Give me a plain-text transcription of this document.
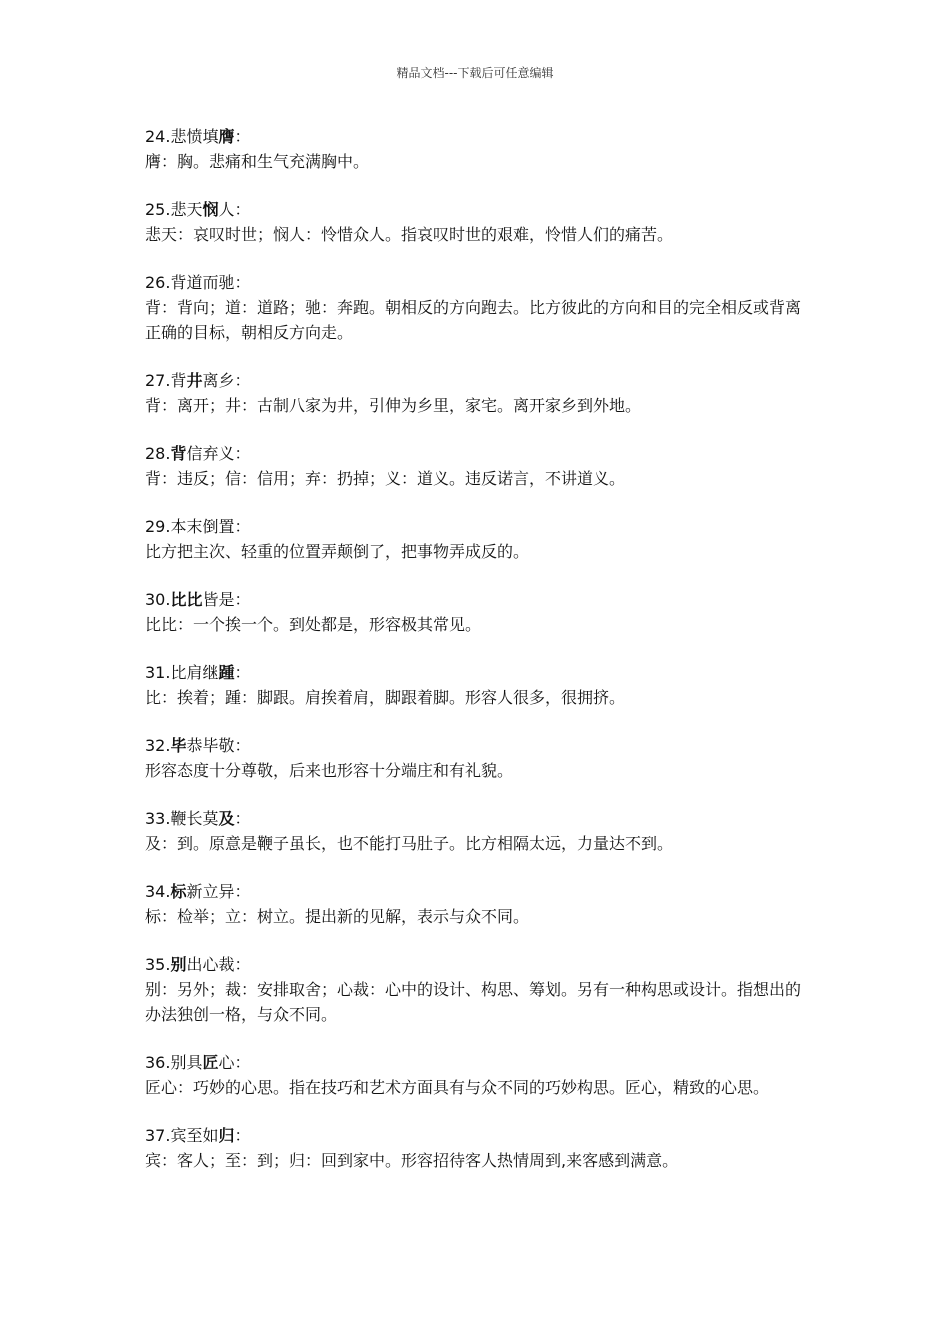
精品文档---下载后可任意编辑
24.悲愤填膺：
膺：胸。悲痛和生气充满胸中。
25.悲天悯人：
悲天：哀叹时世；悯人：怜惜众人。指哀叹时世的艰难，怜惜人们的痛苦。
26.背道而驰：
背：背向；道：道路；驰：奔跑。朝相反的方向跑去。比方彼此的方向和目的完全相反或背离正确的目标，朝相反方向走。
27.背井离乡：
背：离开；井：古制八家为井，引伸为乡里，家宅。离开家乡到外地。
28.背信弃义：
背：违反；信：信用；弃：扔掉；义：道义。违反诺言，不讲道义。
29.本末倒置：
比方把主次、轻重的位置弄颠倒了，把事物弄成反的。
30.比比皆是：
比比：一个挨一个。到处都是，形容极其常见。
31.比肩继踵：
比：挨着；踵：脚跟。肩挨着肩，脚跟着脚。形容人很多，很拥挤。
32.毕恭毕敬：
形容态度十分尊敬，后来也形容十分端庄和有礼貌。
33.鞭长莫及：
及：到。原意是鞭子虽长，也不能打马肚子。比方相隔太远，力量达不到。
34.标新立异：
标：检举；立：树立。提出新的见解，表示与众不同。
35.别出心裁：
别：另外；裁：安排取舍；心裁：心中的设计、构思、筹划。另有一种构思或设计。指想出的办法独创一格，与众不同。
36.别具匠心：
匠心：巧妙的心思。指在技巧和艺术方面具有与众不同的巧妙构思。匠心，精致的心思。
37.宾至如归：
宾：客人；至：到；归：回到家中。形容招待客人热情周到,来客感到满意。
